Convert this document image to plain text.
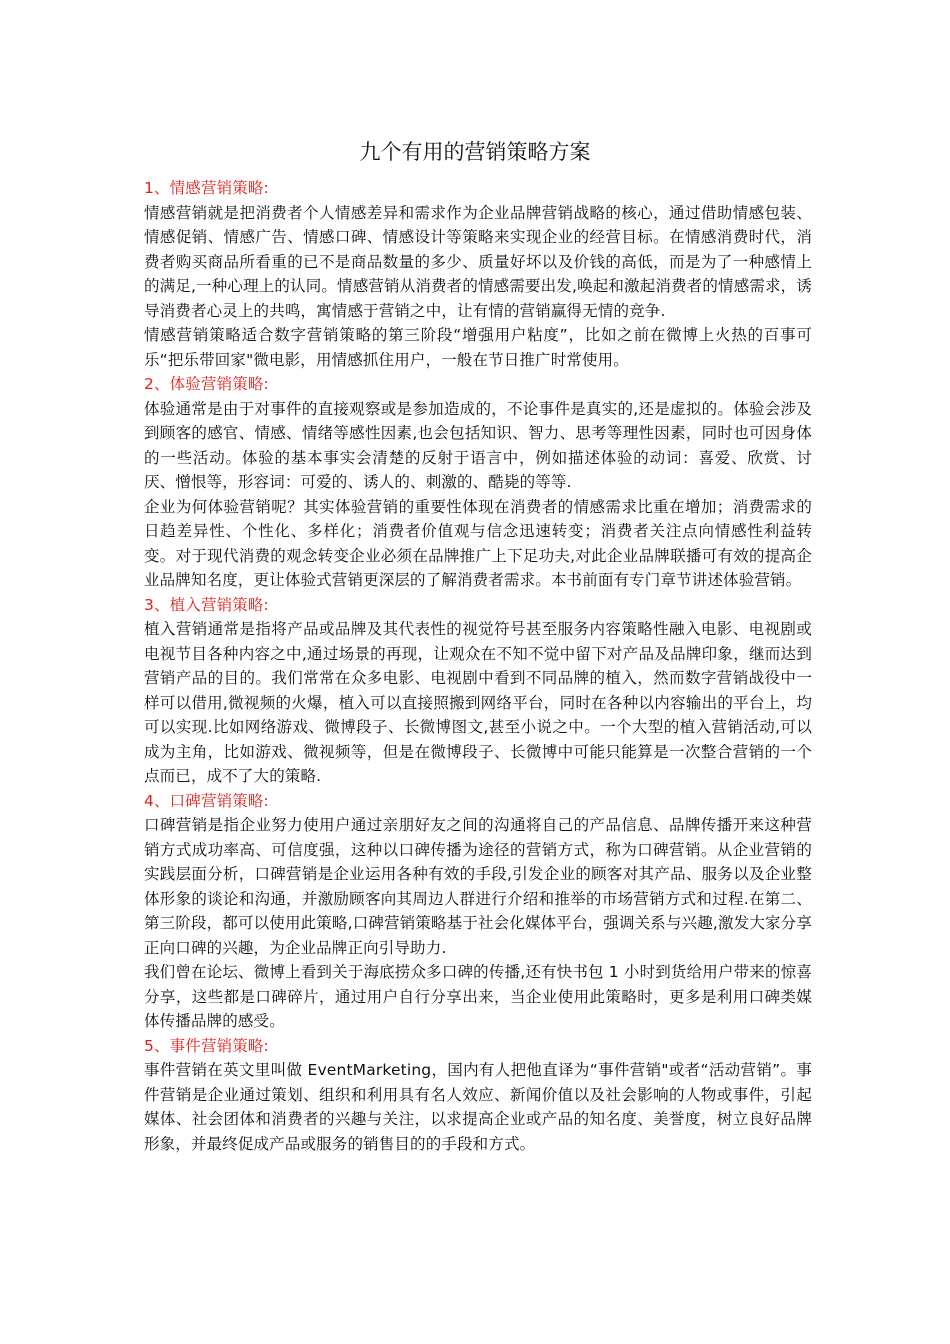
九个有用的营销策略方案

1、情感营销策略:

情感营销就是把消费者个人情感差异和需求作为企业品牌营销战略的核心，通过借助情感包装、情感促销、情感广告、情感口碑、情感设计等策略来实现企业的经营目标。在情感消费时代，消费者购买商品所看重的已不是商品数量的多少、质量好坏以及价钱的高低，而是为了一种感情上的满足,一种心理上的认同。情感营销从消费者的情感需要出发,唤起和激起消费者的情感需求，诱导消费者心灵上的共鸣，寓情感于营销之中，让有情的营销赢得无情的竞争.

情感营销策略适合数字营销策略的第三阶段“增强用户粘度”，比如之前在微博上火热的百事可乐“把乐带回家"微电影，用情感抓住用户，一般在节日推广时常使用。

2、体验营销策略:

体验通常是由于对事件的直接观察或是参加造成的，不论事件是真实的,还是虚拟的。体验会涉及到顾客的感官、情感、情绪等感性因素,也会包括知识、智力、思考等理性因素，同时也可因身体的一些活动。体验的基本事实会清楚的反射于语言中，例如描述体验的动词：喜爱、欣赏、讨厌、憎恨等，形容词：可爱的、诱人的、刺激的、酷毙的等等.

企业为何体验营销呢？其实体验营销的重要性体现在消费者的情感需求比重在增加；消费需求的日趋差异性、个性化、多样化；消费者价值观与信念迅速转变；消费者关注点向情感性利益转变。对于现代消费的观念转变企业必须在品牌推广上下足功夫,对此企业品牌联播可有效的提高企业品牌知名度，更让体验式营销更深层的了解消费者需求。本书前面有专门章节讲述体验营销。

3、植入营销策略:

植入营销通常是指将产品或品牌及其代表性的视觉符号甚至服务内容策略性融入电影、电视剧或电视节目各种内容之中,通过场景的再现，让观众在不知不觉中留下对产品及品牌印象，继而达到营销产品的目的。我们常常在众多电影、电视剧中看到不同品牌的植入，然而数字营销战役中一样可以借用,微视频的火爆，植入可以直接照搬到网络平台，同时在各种以内容输出的平台上，均可以实现.比如网络游戏、微博段子、长微博图文,甚至小说之中。一个大型的植入营销活动,可以成为主角，比如游戏、微视频等，但是在微博段子、长微博中可能只能算是一次整合营销的一个点而已，成不了大的策略.

4、口碑营销策略:

口碑营销是指企业努力使用户通过亲朋好友之间的沟通将自己的产品信息、品牌传播开来这种营销方式成功率高、可信度强，这种以口碑传播为途径的营销方式，称为口碑营销。从企业营销的实践层面分析，口碑营销是企业运用各种有效的手段,引发企业的顾客对其产品、服务以及企业整体形象的谈论和沟通，并激励顾客向其周边人群进行介绍和推举的市场营销方式和过程.在第二、第三阶段，都可以使用此策略,口碑营销策略基于社会化媒体平台，强调关系与兴趣,激发大家分享正向口碑的兴趣，为企业品牌正向引导助力.

我们曾在论坛、微博上看到关于海底捞众多口碑的传播,还有快书包 1 小时到货给用户带来的惊喜分享，这些都是口碑碎片，通过用户自行分享出来，当企业使用此策略时，更多是利用口碑类媒体传播品牌的感受。

5、事件营销策略:

事件营销在英文里叫做 EventMarketing，国内有人把他直译为“事件营销"或者“活动营销”。事件营销是企业通过策划、组织和利用具有名人效应、新闻价值以及社会影响的人物或事件，引起媒体、社会团体和消费者的兴趣与关注，以求提高企业或产品的知名度、美誉度，树立良好品牌形象，并最终促成产品或服务的销售目的的手段和方式。
